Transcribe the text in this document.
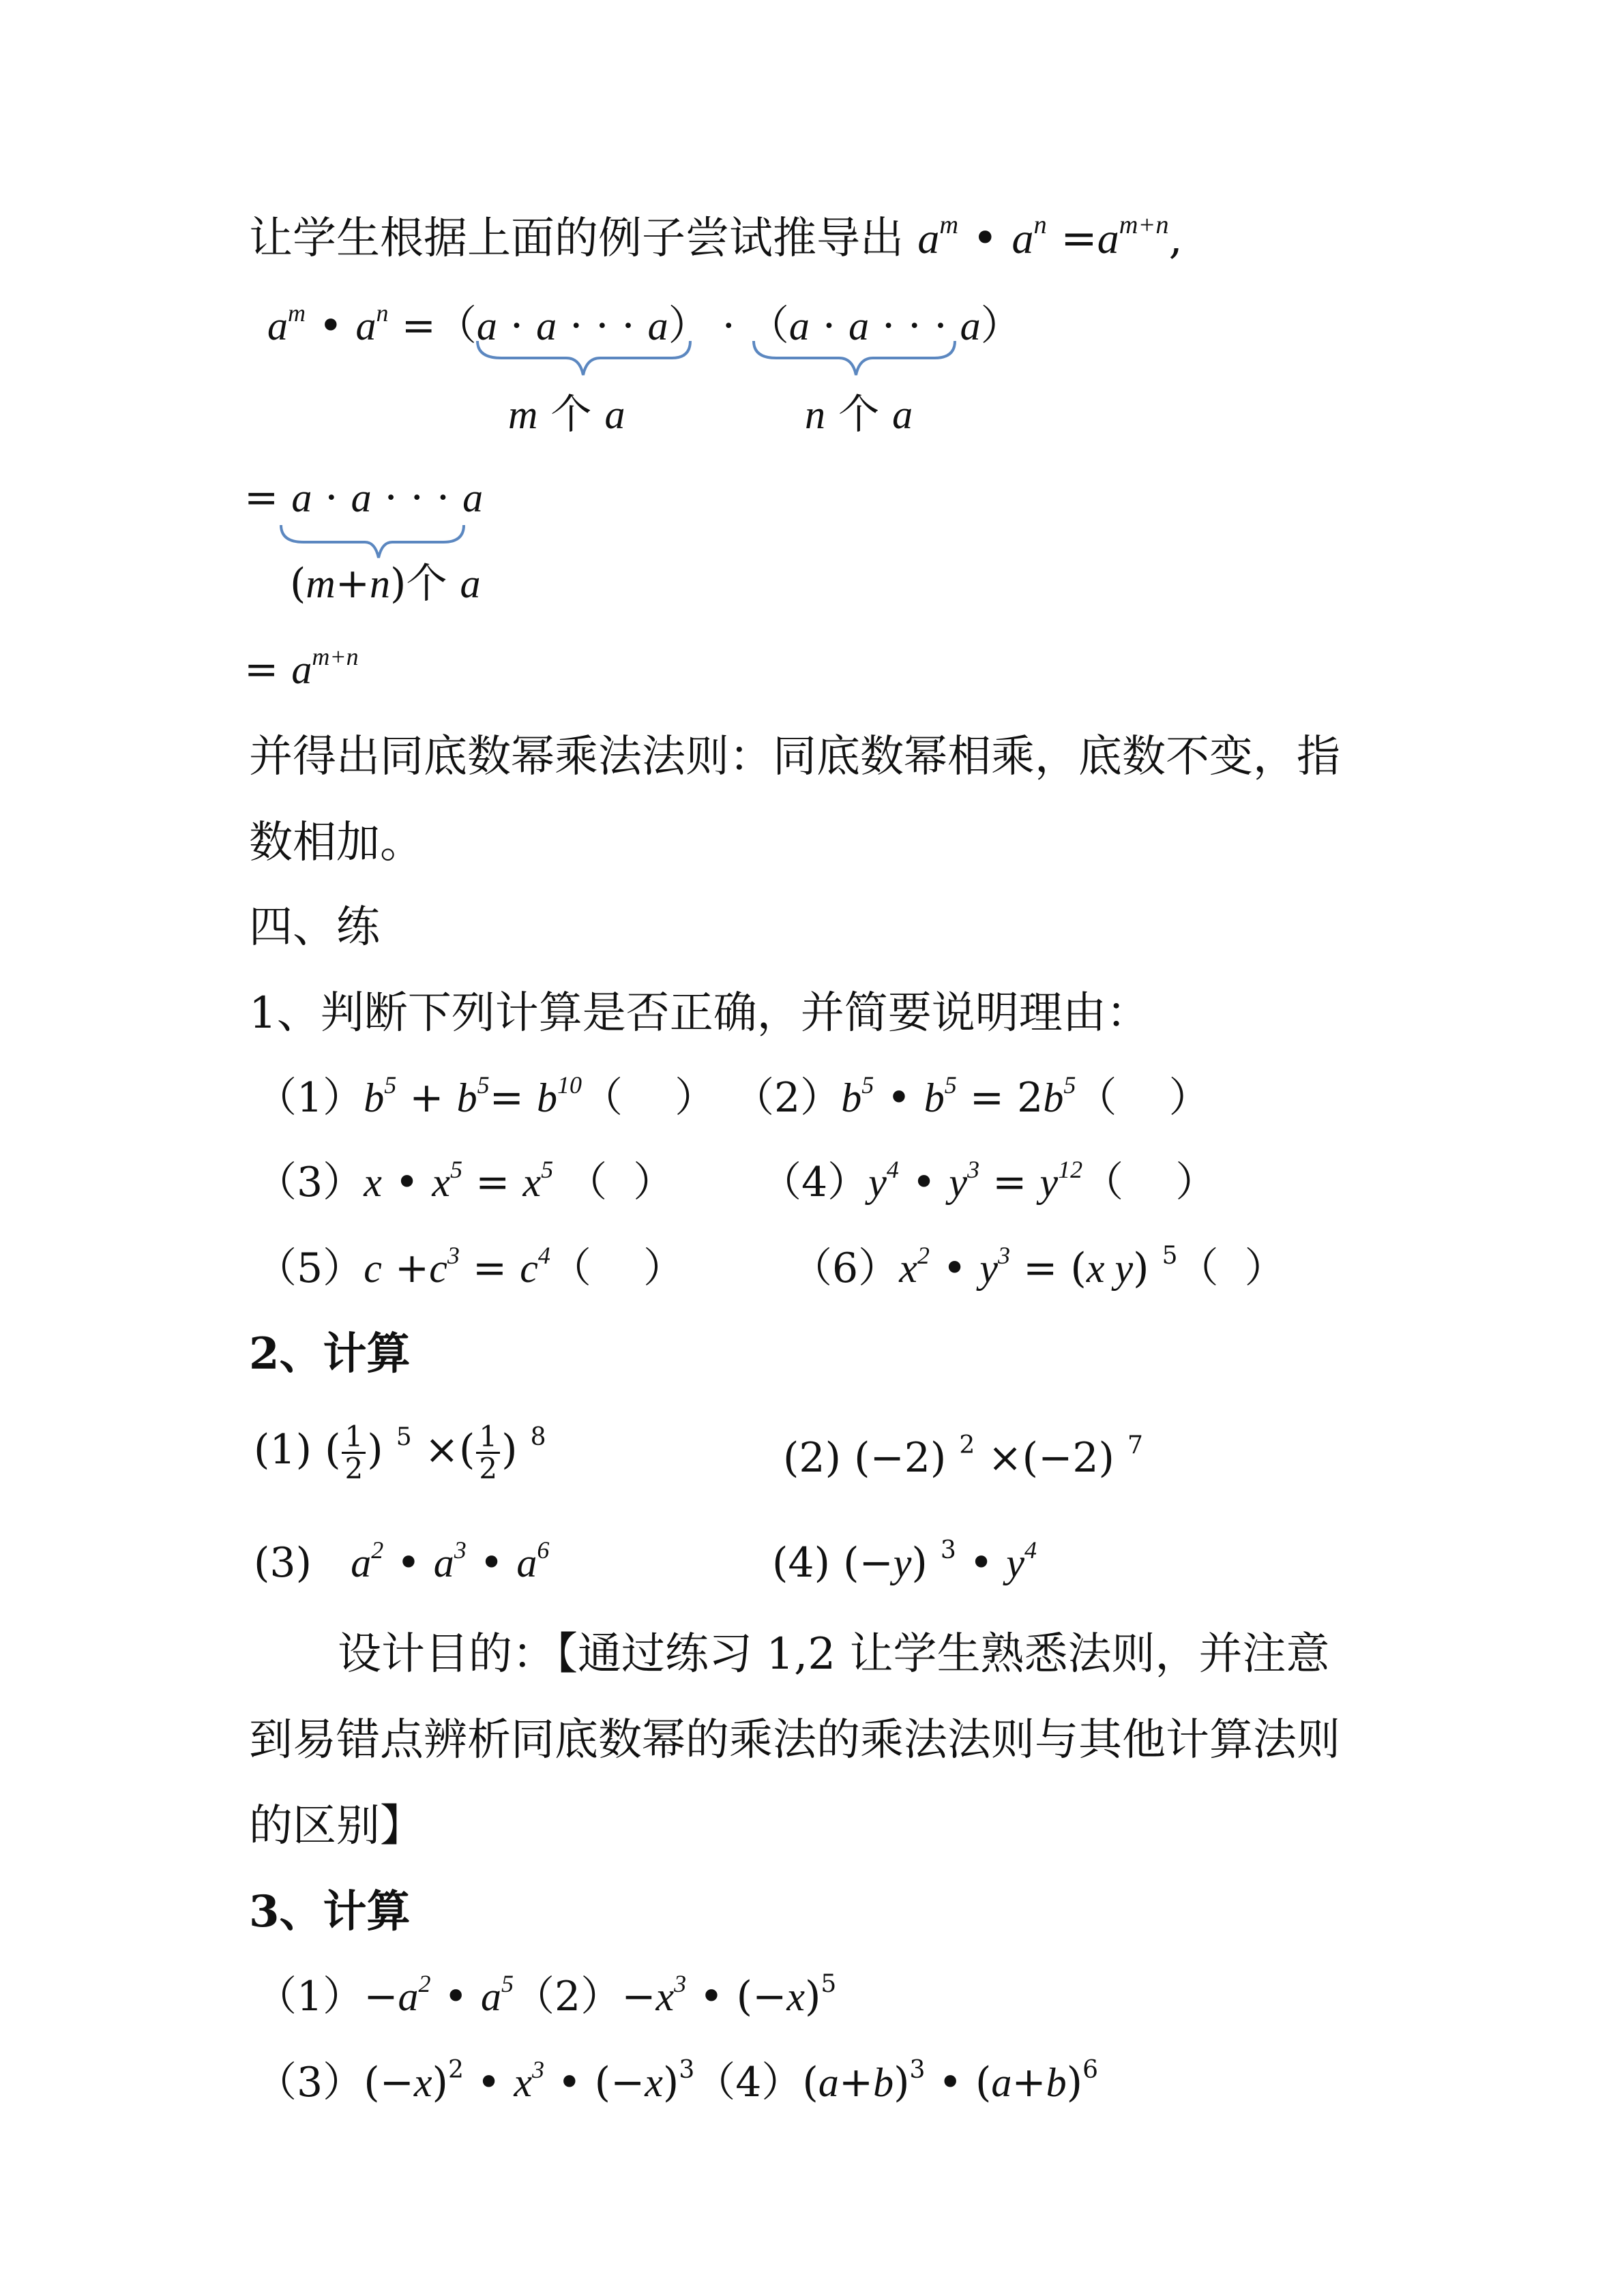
让学生根据上面的例子尝试推导出 $a^m$ • $a^n =a^{m+n}$,
$a^m$ • $a^n =(a \cdot a$ · · · a） · （a · a · · · a）
m 个 a	n 个 a
= a · a · · · a
(m+n)个 a
= $a^{m+n}$
并得出同底数幂乘法法则：同底数幂相乘，底数不变，指
数相加。
四、练
1、判断下列计算是否正确，并简要说明理由：
$(1)b^5 + b^5= b^{10}$（    ） $(2)b^5$ • $b^5 = 2b^5$（    ）
（3）x • $x^5 = x^5$ （  ） $(4)y^4$ • $y^3 = y^{12}$（    ）
$(5)c +c^3 = c^4$（    ）	$(6)x^2$ • $y^3 = (x$ y) $^5$（  ）
2、计算
(1) ( $\frac{1}{2}$ ) $^5$ ×( $\frac{1}{2}$ ) $^8$	(2) (−2) $^2$ ×(−2) $^7$
(3) $a^2$ • $a^3$ • $a^6$	(4) (−y) $^3$ • $y^4$
设计目的：【通过练习 1,2 让学生熟悉法则，并注意
到易错点辨析同底数幂的乘法的乘法法则与其他计算法则
的区别】
3、计算
$(1)-a^2$ • $a^5(2)-x^3$ • $(-x)^5$
$(3)(-x)^2$ • $x^3$ • $(-x)^3(4)(a+b)^3$ • $(a+b)^6$
